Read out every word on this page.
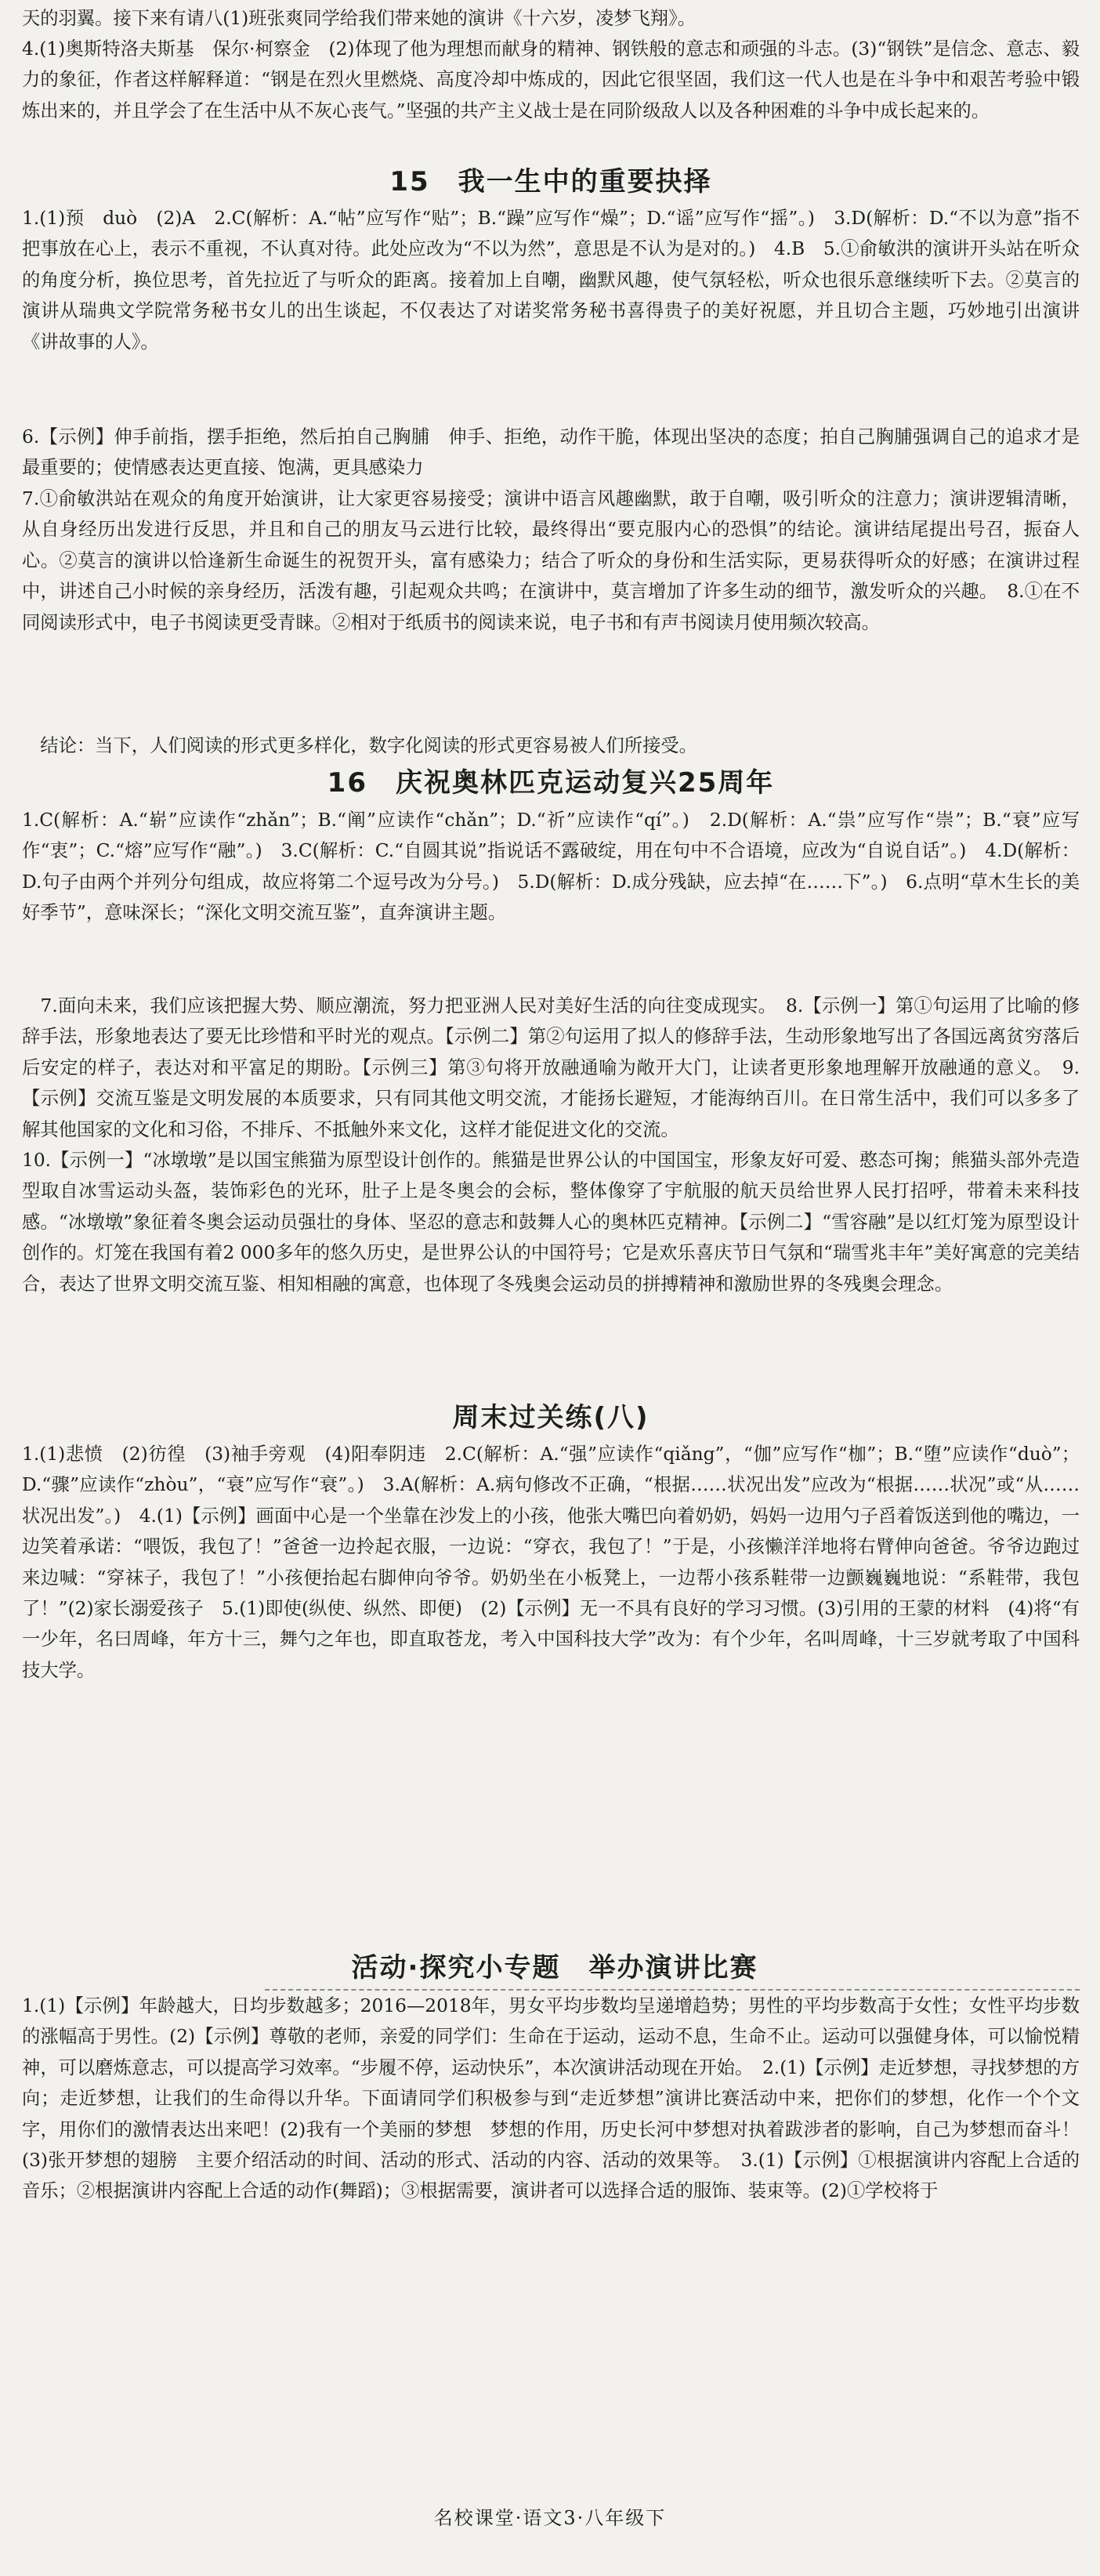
天的羽翼。接下来有请八(1)班张爽同学给我们带来她的演讲《十六岁，凌梦飞翔》。
4.(1)奥斯特洛夫斯基　保尔·柯察金　(2)体现了他为理想而献身的精神、钢铁般的意志和顽强的斗志。(3)“钢铁”是信念、意志、毅力的象征，作者这样解释道：“钢是在烈火里燃烧、高度冷却中炼成的，因此它很坚固，我们这一代人也是在斗争中和艰苦考验中锻炼出来的，并且学会了在生活中从不灰心丧气。”坚强的共产主义战士是在同阶级敌人以及各种困难的斗争中成长起来的。
15　我一生中的重要抉择
1.(1)预　duò　(2)A　2.C(解析：A.“帖”应写作“贴”；B.“躁”应写作“燥”；D.“谣”应写作“摇”。)　3.D(解析：D.“不以为意”指不把事放在心上，表示不重视，不认真对待。此处应改为“不以为然”，意思是不认为是对的。)　4.B　5.①俞敏洪的演讲开头站在听众的角度分析，换位思考，首先拉近了与听众的距离。接着加上自嘲，幽默风趣，使气氛轻松，听众也很乐意继续听下去。②莫言的演讲从瑞典文学院常务秘书女儿的出生谈起，不仅表达了对诺奖常务秘书喜得贵子的美好祝愿，并且切合主题，巧妙地引出演讲《讲故事的人》。
6.【示例】伸手前指，摆手拒绝，然后拍自己胸脯　伸手、拒绝，动作干脆，体现出坚决的态度；拍自己胸脯强调自己的追求才是最重要的；使情感表达更直接、饱满，更具感染力
7.①俞敏洪站在观众的角度开始演讲，让大家更容易接受；演讲中语言风趣幽默，敢于自嘲，吸引听众的注意力；演讲逻辑清晰，从自身经历出发进行反思，并且和自己的朋友马云进行比较，最终得出“要克服内心的恐惧”的结论。演讲结尾提出号召，振奋人心。②莫言的演讲以恰逢新生命诞生的祝贺开头，富有感染力；结合了听众的身份和生活实际，更易获得听众的好感；在演讲过程中，讲述自己小时候的亲身经历，活泼有趣，引起观众共鸣；在演讲中，莫言增加了许多生动的细节，激发听众的兴趣。　8.①在不同阅读形式中，电子书阅读更受青睐。②相对于纸质书的阅读来说，电子书和有声书阅读月使用频次较高。
　结论：当下，人们阅读的形式更多样化，数字化阅读的形式更容易被人们所接受。
16　庆祝奥林匹克运动复兴25周年
1.C(解析：A.“崭”应读作“zhǎn”；B.“阐”应读作“chǎn”；D.“祈”应读作“qí”。)　2.D(解析：A.“祟”应写作“崇”；B.“衰”应写作“衷”；C.“熔”应写作“融”。)　3.C(解析：C.“自圆其说”指说话不露破绽，用在句中不合语境，应改为“自说自话”。)　4.D(解析：D.句子由两个并列分句组成，故应将第二个逗号改为分号。)　5.D(解析：D.成分残缺，应去掉“在……下”。)　6.点明“草木生长的美好季节”，意味深长；“深化文明交流互鉴”，直奔演讲主题。
　7.面向未来，我们应该把握大势、顺应潮流，努力把亚洲人民对美好生活的向往变成现实。　8.【示例一】第①句运用了比喻的修辞手法，形象地表达了要无比珍惜和平时光的观点。【示例二】第②句运用了拟人的修辞手法，生动形象地写出了各国远离贫穷落后后安定的样子，表达对和平富足的期盼。【示例三】第③句将开放融通喻为敞开大门，让读者更形象地理解开放融通的意义。　9.【示例】交流互鉴是文明发展的本质要求，只有同其他文明交流，才能扬长避短，才能海纳百川。在日常生活中，我们可以多多了解其他国家的文化和习俗，不排斥、不抵触外来文化，这样才能促进文化的交流。
10.【示例一】“冰墩墩”是以国宝熊猫为原型设计创作的。熊猫是世界公认的中国国宝，形象友好可爱、憨态可掬；熊猫头部外壳造型取自冰雪运动头盔，装饰彩色的光环，肚子上是冬奥会的会标，整体像穿了宇航服的航天员给世界人民打招呼，带着未来科技感。“冰墩墩”象征着冬奥会运动员强壮的身体、坚忍的意志和鼓舞人心的奥林匹克精神。【示例二】“雪容融”是以红灯笼为原型设计创作的。灯笼在我国有着2 000多年的悠久历史，是世界公认的中国符号；它是欢乐喜庆节日气氛和“瑞雪兆丰年”美好寓意的完美结合，表达了世界文明交流互鉴、相知相融的寓意，也体现了冬残奥会运动员的拼搏精神和激励世界的冬残奥会理念。
周末过关练(八)
1.(1)悲愤　(2)彷徨　(3)袖手旁观　(4)阳奉阴违　2.C(解析：A.“强”应读作“qiǎng”，“伽”应写作“枷”；B.“堕”应读作“duò”；D.“骤”应读作“zhòu”，“衰”应写作“衰”。)　3.A(解析：A.病句修改不正确，“根据……状况出发”应改为“根据……状况”或“从……状况出发”。)　4.(1)【示例】画面中心是一个坐靠在沙发上的小孩，他张大嘴巴向着奶奶，妈妈一边用勺子舀着饭送到他的嘴边，一边笑着承诺：“喂饭，我包了！”爸爸一边拎起衣服，一边说：“穿衣，我包了！”于是，小孩懒洋洋地将右臂伸向爸爸。爷爷边跑过来边喊：“穿袜子，我包了！”小孩便抬起右脚伸向爷爷。奶奶坐在小板凳上，一边帮小孩系鞋带一边颤巍巍地说：“系鞋带，我包了！”(2)家长溺爱孩子　5.(1)即使(纵使、纵然、即便)　(2)【示例】无一不具有良好的学习习惯。(3)引用的王蒙的材料　(4)将“有一少年，名曰周峰，年方十三，舞勺之年也，即直取苍龙，考入中国科技大学”改为：有个少年，名叫周峰，十三岁就考取了中国科技大学。
活动·探究小专题　举办演讲比赛
1.(1)【示例】年龄越大，日均步数越多；2016—2018年，男女平均步数均呈递增趋势；男性的平均步数高于女性；女性平均步数的涨幅高于男性。(2)【示例】尊敬的老师，亲爱的同学们：生命在于运动，运动不息，生命不止。运动可以强健身体，可以愉悦精神，可以磨炼意志，可以提高学习效率。“步履不停，运动快乐”，本次演讲活动现在开始。　2.(1)【示例】走近梦想，寻找梦想的方向；走近梦想，让我们的生命得以升华。下面请同学们积极参与到“走近梦想”演讲比赛活动中来，把你们的梦想，化作一个个文字，用你们的激情表达出来吧！(2)我有一个美丽的梦想　梦想的作用，历史长河中梦想对执着跋涉者的影响，自己为梦想而奋斗！(3)张开梦想的翅膀　主要介绍活动的时间、活动的形式、活动的内容、活动的效果等。　3.(1)【示例】①根据演讲内容配上合适的音乐；②根据演讲内容配上合适的动作(舞蹈)；③根据需要，演讲者可以选择合适的服饰、装束等。(2)①学校将于
名校课堂·语文3·八年级下
